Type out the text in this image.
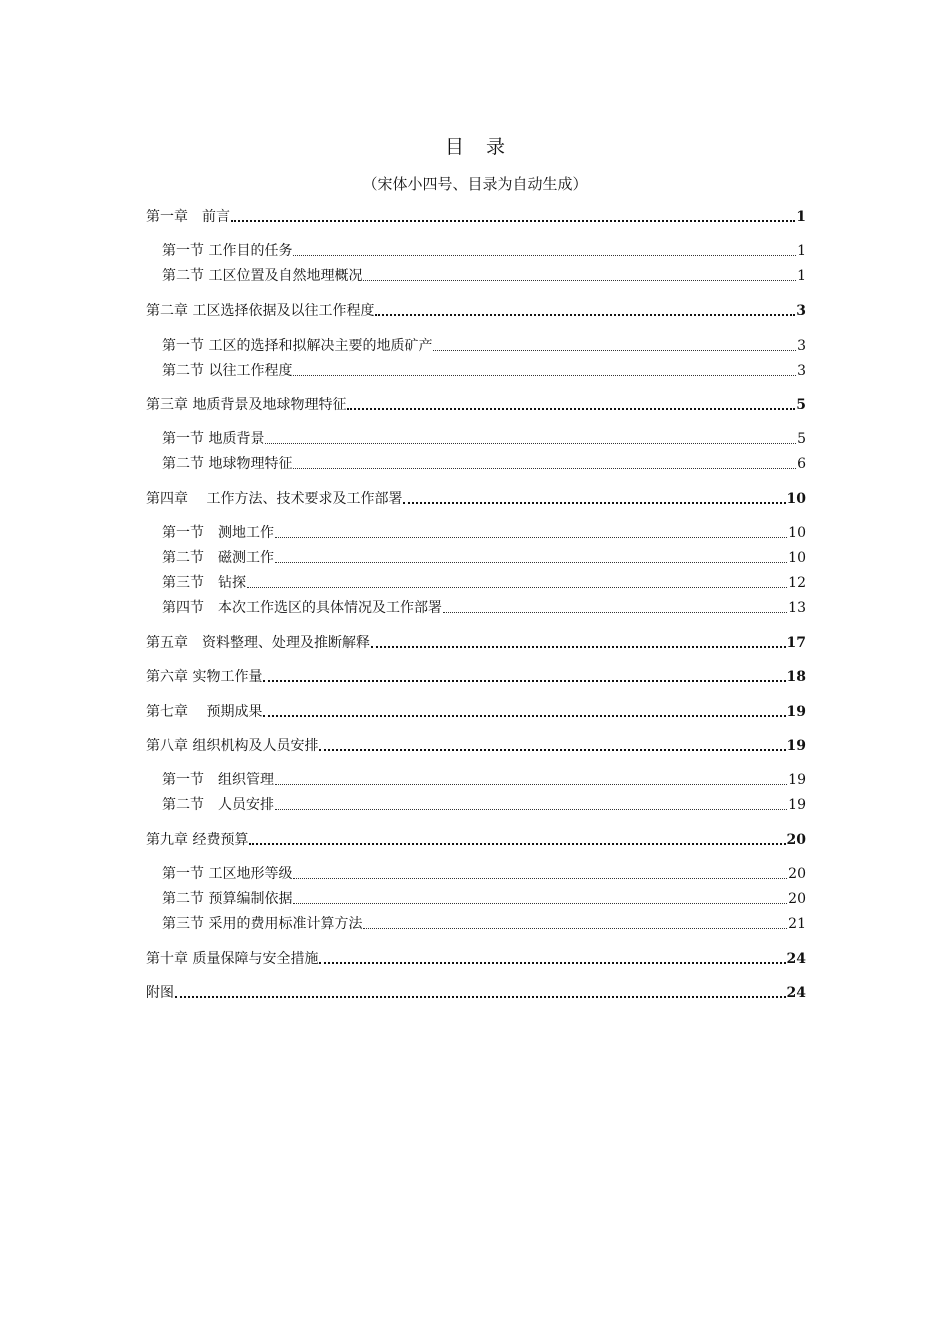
目录
（宋体小四号、目录为自动生成）
第一章　前言	1
第一节 工作目的任务	1
第二节 工区位置及自然地理概况	1
第二章 工区选择依据及以往工作程度	3
第一节 工区的选择和拟解决主要的地质矿产	3
第二节 以往工作程度	3
第三章 地质背景及地球物理特征	5
第一节 地质背景	5
第二节 地球物理特征	6
第四章　 工作方法、技术要求及工作部署	10
第一节　测地工作	10
第二节　磁测工作	10
第三节　钻探	12
第四节　本次工作选区的具体情况及工作部署	13
第五章　资料整理、处理及推断解释	17
第六章 实物工作量	18
第七章　 预期成果	19
第八章 组织机构及人员安排	19
第一节　组织管理	19
第二节　人员安排	19
第九章 经费预算	20
第一节 工区地形等级	20
第二节 预算编制依据	20
第三节 采用的费用标准计算方法	21
第十章 质量保障与安全措施	24
附图	24
